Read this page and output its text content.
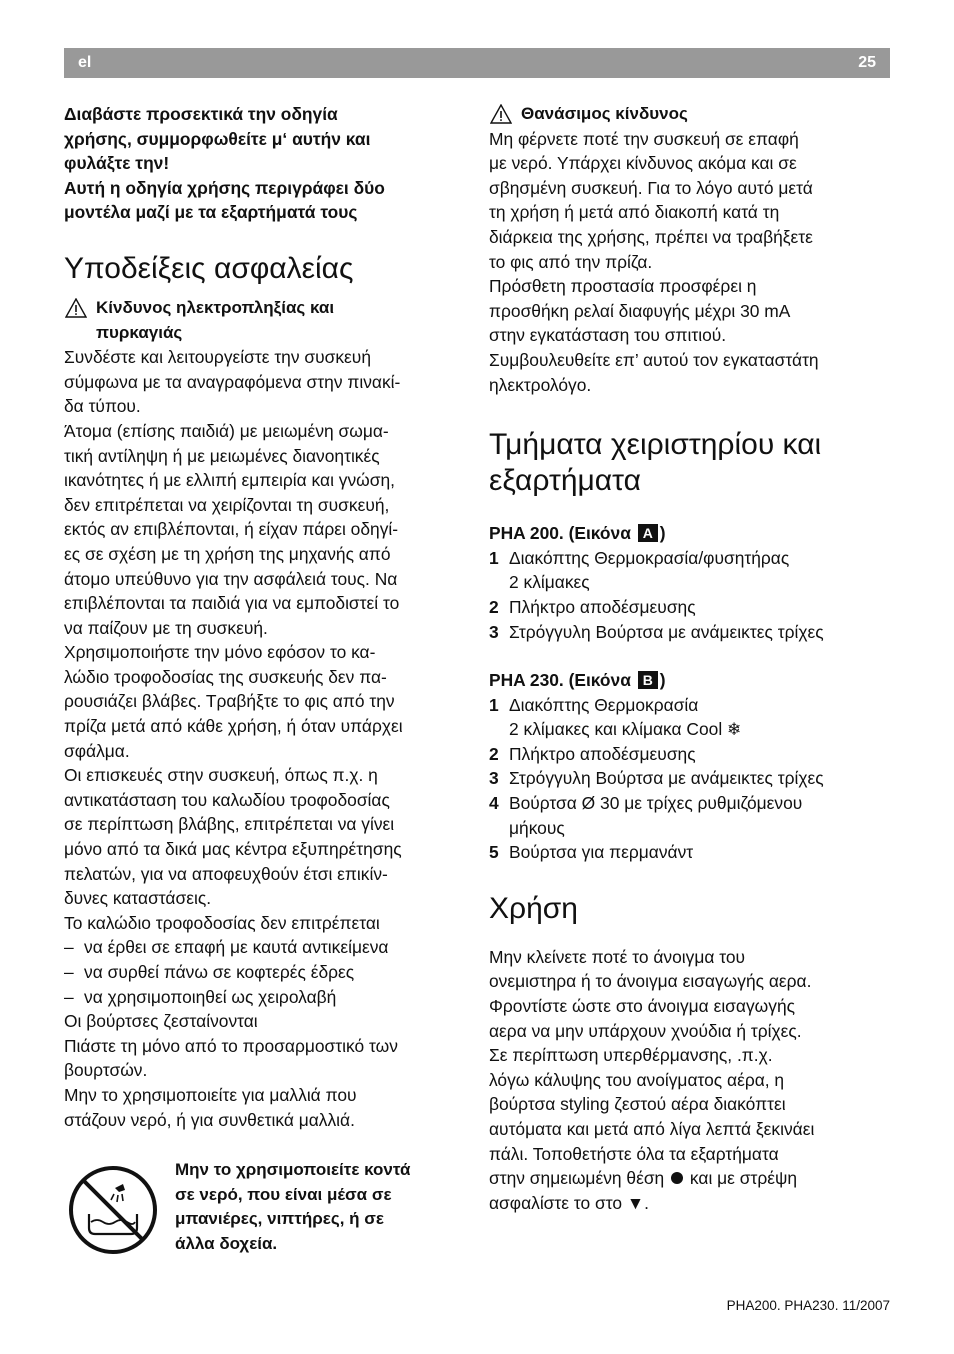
el	25
Διαβάστε προσεκτικά την οδηγία
χρήσης, συμμορφωθείτε μ‘ αυτήν και
φυλάξτε την!
Αυτή η οδηγία χρήσης περιγράφει δύο
μοντέλα μαζί με τα εξαρτήματά τους
Υποδείξεις ασφαλείας
Κίνδυνος ηλεκτροπληξίας και
πυρκαγιάς
Συνδέστε και λειτουργείστε την συσκευή
σύμφωνα με τα αναγραφόμενα στην πινακί-
δα τύπου.
Άτομα (επίσης παιδιά) με μειωμένη σωμα-
τική αντίληψη ή με μειωμένες διανοητικές
ικανότητες ή με ελλιπή εμπειρία και γνώση,
δεν επιτρέπεται να χειρίζονται τη συσκευή,
εκτός αν επιβλέπονται, ή είχαν πάρει οδηγί-
ες σε σχέση με τη χρήση της μηχανής από
άτομο υπεύθυνο για την ασφάλειά τους. Να
επιβλέπονται τα παιδιά για να εμποδιστεί το
να παίζουν με τη συσκευή.
Χρησιμοποιήστε την μόνο εφόσον το κα-
λώδιο τροφοδοσίας της συσκευής δεν πα-
ρουσιάζει βλάβες. Τραβήξτε το φις από την
πρίζα μετά από κάθε χρήση, ή όταν υπάρχει
σφάλμα.
Οι επισκευές στην συσκευή, όπως π.χ. η
αντικατάσταση του καλωδίου τροφοδοσίας
σε περίπτωση βλάβης, επιτρέπεται να γίνει
μόνο από τα δικά μας κέντρα εξυπηρέτησης
πελατών, για να αποφευχθούν έτσι επικίν-
δυνες καταστάσεις.
Το καλώδιο τροφοδοσίας δεν επιτρέπεται
– να έρθει σε επαφή με καυτά αντικείμενα
– να συρθεί πάνω σε κοφτερές έδρες
– να χρησιμοποιηθεί ως χειρολαβή
Οι βούρτσες ζεσταίνονται
Πιάστε τη μόνο από το προσαρμοστικό των
βουρτσών.
Μην το χρησιμοποιείτε για μαλλιά που
στάζουν νερό, ή για συνθετικά μαλλιά.
Μην το χρησιμοποιείτε κοντά
σε νερό, που είναι μέσα σε
μπανιέρες, νιπτήρες, ή σε
άλλα δοχεία.
Θανάσιμος κίνδυνος
Μη φέρνετε ποτέ την συσκευή σε επαφή
με νερό. Υπάρχει κίνδυνος ακόμα και σε
σβησμένη συσκευή. Για το λόγο αυτό μετά
τη χρήση ή μετά από διακοπή κατά τη
διάρκεια της χρήσης, πρέπει να τραβήξετε
το φις από την πρίζα.
Πρόσθετη προστασία προσφέρει η
προσθήκη ρελαί διαφυγής μέχρι 30 mA
στην εγκατάσταση του σπιτιού.
Συμβουλευθείτε επ’ αυτού τον εγκαταστάτη
ηλεκτρολόγο.
Τμήματα χειριστηρίου και
εξαρτήματα
PHA 200. (Εικόνα A )
1 Διακόπτης Θερμοκρασία/φυσητήρας
2 κλίμακες
2 Πλήκτρο αποδέσμευσης
3 Στρόγγυλη Βούρτσα με ανάμεικτες τρίχες
PHA 230. (Εικόνα B )
1 Διακόπτης Θερμοκρασία
2 κλίμακες και κλίμακα Cool ❄
2 Πλήκτρο αποδέσμευσης
3 Στρόγγυλη Βούρτσα με ανάμεικτες τρίχες
4 Βούρτσα Ø 30 με τρίχες ρυθμιζόμενου
μήκους
5 Βούρτσα για περμανάντ
Χρήση
Μην κλείνετε ποτέ το άνοιγμα του
ονεμιστηρα ή το άνοιγμα εισαγωγής αερα.
Φροντίστε ώστε στο άνοιγμα εισαγωγής
αερα να μην υπάρχουν χνούδια ή τρίχες.
Σε περίπτωση υπερθέρμανσης, .π.χ.
λόγω κάλυψης του ανοίγματος αέρα, η
βούρτσα styling ζεστού αέρα διακόπτει
αυτόματα και μετά από λίγα λεπτά ξεκινάει
πάλι. Τοποθετήστε όλα τα εξαρτήματα
στην σημειωμένη θέση και με στρέψη
ασφαλίστε το στο ▼.
PHA200. PHA230. 11/2007
